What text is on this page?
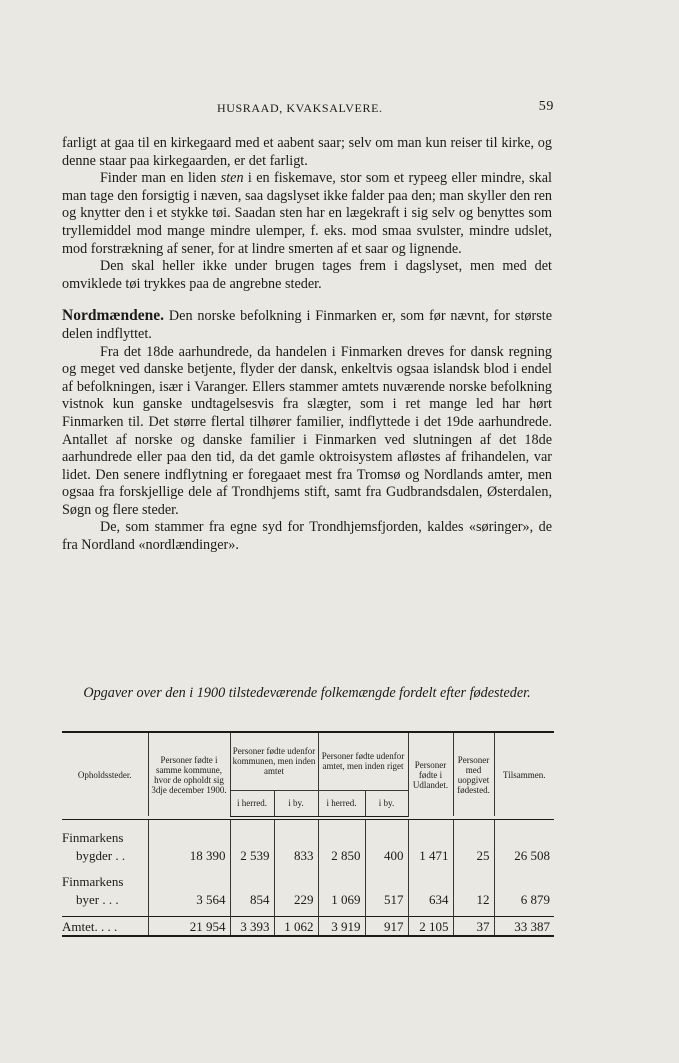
HUSRAAD, KVAKSALVERE.	59

farligt at gaa til en kirkegaard med et aabent saar; selv om man kun reiser til kirke, og denne staar paa kirkegaarden, er det farligt.

Finder man en liden sten i en fiskemave, stor som et rypeeg eller mindre, skal man tage den forsigtig i næven, saa dagslyset ikke falder paa den; man skyller den ren og knytter den i et stykke tøi. Saadan sten har en lægekraft i sig selv og benyttes som tryllemiddel mod mange mindre ulemper, f. eks. mod smaa svulster, mindre udslet, mod forstrækning af sener, for at lindre smerten af et saar og lignende.

Den skal heller ikke under brugen tages frem i dagslyset, men med det omviklede tøi trykkes paa de angrebne steder.

Nordmændene. Den norske befolkning i Finmarken er, som før nævnt, for største delen indflyttet.

Fra det 18de aarhundrede, da handelen i Finmarken dreves for dansk regning og meget ved danske betjente, flyder der dansk, enkeltvis ogsaa islandsk blod i endel af befolkningen, især i Varanger. Ellers stammer amtets nuværende norske befolkning vistnok kun ganske undtagelsesvis fra slægter, som i ret mange led har hørt Finmarken til. Det større flertal tilhører familier, indflyttede i det 19de aarhundrede. Antallet af norske og danske familier i Finmarken ved slutningen af det 18de aarhundrede eller paa den tid, da det gamle oktroisystem afløstes af frihandelen, var lidet. Den senere indflytning er foregaaet mest fra Tromsø og Nordlands amter, men ogsaa fra forskjellige dele af Trondhjems stift, samt fra Gudbrandsdalen, Østerdalen, Søgn og flere steder.

De, som stammer fra egne syd for Trondhjemsfjorden, kaldes «søringer», de fra Nordland «nordlændinger».

Opgaver over den i 1900 tilstedeværende folkemængde fordelt efter fødesteder.
Opholdssteder.	Personer fødte i samme kommune, hvor de opholdt sig 3dje december 1900.	Personer fødte udenfor kommunen, men inden amtet		Personer fødte udenfor amtet, men inden riget		Personer fødte i Udlandet.	Personer med uopgivet fødested.	Tilsammen.
		i herred.	i by.	i herred.	i by.			

Finmarkens								
bygder . .	18 390	2 539	833	2 850	400	1 471	25	26 508

Finmarkens								
byer . . .	3 564	854	229	1 069	517	634	12	6 879

Amtet. . . .	21 954	3 393	1 062	3 919	917	2 105	37	33 387
